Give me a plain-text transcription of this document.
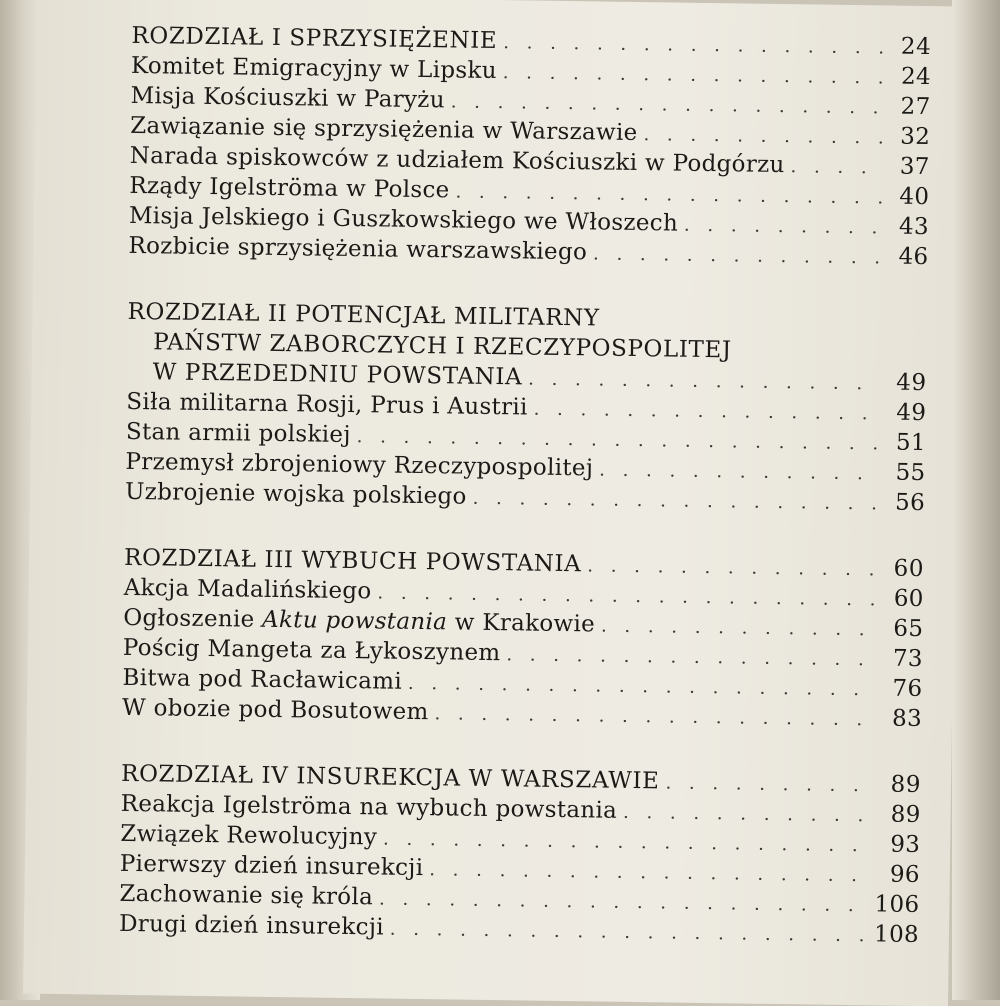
ROZDZIAŁ I SPRZYSIĘŻENIE . . .	24
Komitet Emigracyjny w Lipsku . . .	24
Misja Kościuszki w Paryżu . . .	27
Zawiązanie się sprzysiężenia w Warszawie . . .	32
Narada spiskowców z udziałem Kościuszki w Podgórzu . . .	37
Rządy Igelströma w Polsce . . .	40
Misja Jelskiego i Guszkowskiego we Włoszech . . .	43
Rozbicie sprzysiężenia warszawskiego . . .	46
ROZDZIAŁ II POTENCJAŁ MILITARNY
PAŃSTW ZABORCZYCH I RZECZYPOSPOLITEJ
W PRZEDEDNIU POWSTANIA . . .	49
Siła militarna Rosji, Prus i Austrii . . .	49
Stan armii polskiej . . .	51
Przemysł zbrojeniowy Rzeczypospolitej . . .	55
Uzbrojenie wojska polskiego . . .	56
ROZDZIAŁ III WYBUCH POWSTANIA . . .	60
Akcja Madalińskiego . . .	60
Ogłoszenie Aktu powstania w Krakowie . . .	65
Pościg Mangeta za Łykoszynem . . .	73
Bitwa pod Racławicami . . .	76
W obozie pod Bosutowem . . .	83
ROZDZIAŁ IV INSUREKCJA W WARSZAWIE . . .	89
Reakcja Igelströma na wybuch powstania . . .	89
Związek Rewolucyjny . . .	93
Pierwszy dzień insurekcji . . .	96
Zachowanie się króla . . .	106
Drugi dzień insurekcji . . .	108
